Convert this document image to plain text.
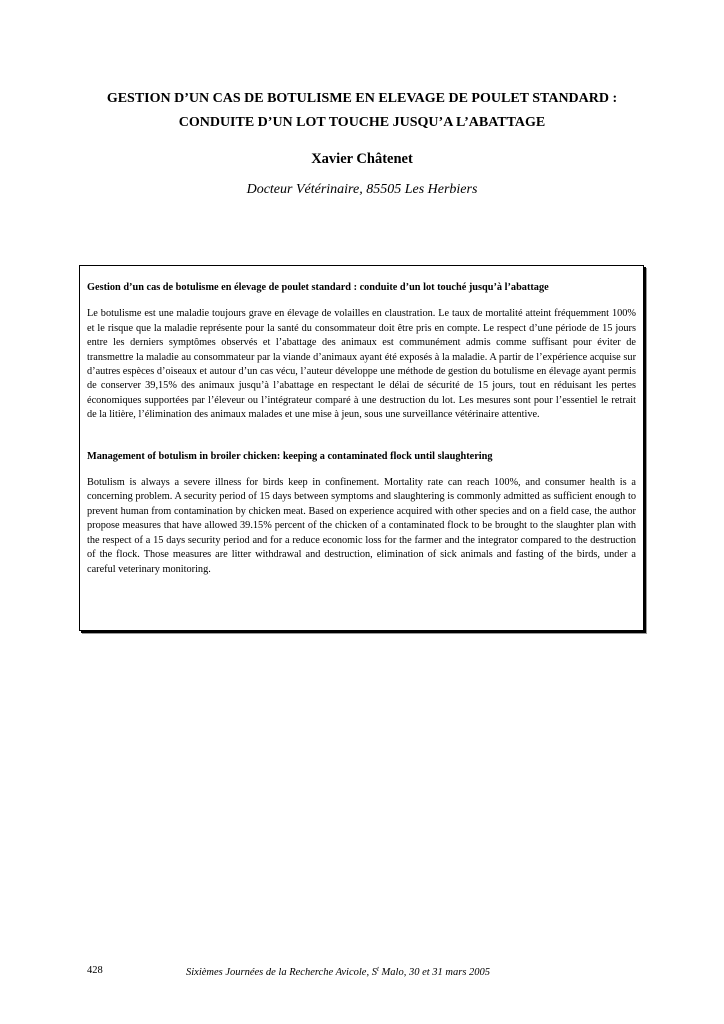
GESTION D’UN CAS DE BOTULISME EN ELEVAGE DE POULET STANDARD :
CONDUITE D’UN LOT TOUCHE JUSQU’A L’ABATTAGE

Xavier Châtenet

Docteur Vétérinaire, 85505 Les Herbiers

Gestion d’un cas de botulisme en élevage de poulet standard : conduite d’un lot touché jusqu’à l’abattage

Le botulisme est une maladie toujours grave en élevage de volailles en claustration. Le taux de mortalité atteint fréquemment 100% et le risque que la maladie représente pour la santé du consommateur doit être pris en compte. Le respect d’une période de 15 jours entre les derniers symptômes observés et l’abattage des animaux est communément admis comme suffisant pour éviter de transmettre la maladie au consommateur par la viande d’animaux ayant été exposés à la maladie. A partir de l’expérience acquise sur d’autres espèces d’oiseaux et autour d’un cas vécu, l’auteur développe une méthode de gestion du botulisme en élevage ayant permis de conserver 39,15% des animaux jusqu’à l’abattage en respectant le délai de sécurité de 15 jours, tout en réduisant les pertes économiques supportées par l’éleveur ou l’intégrateur comparé à une destruction du lot. Les mesures sont pour l’essentiel le retrait de la litière, l’élimination des animaux malades et une mise à jeun, sous une surveillance vétérinaire attentive.

Management of botulism in broiler chicken: keeping a contaminated flock until slaughtering

Botulism is always a severe illness for birds keep in confinement. Mortality rate can reach 100%, and consumer health is a concerning problem. A security period of 15 days between symptoms and slaughtering is commonly admitted as sufficient enough to prevent human from contamination by chicken meat. Based on experience acquired with other species and on a field case, the author propose measures that have allowed 39.15% percent of the chicken of a contaminated flock to be brought to the slaughter plan with the respect of a 15 days security period and for a reduce economic loss for the farmer and the integrator compared to the destruction of the flock. Those measures are litter withdrawal and destruction, elimination of sick animals and fasting of the birds, under a careful veterinary monitoring.

428	Sixièmes Journées de la Recherche Avicole, $S^t$ Malo, 30 et 31 mars 2005
